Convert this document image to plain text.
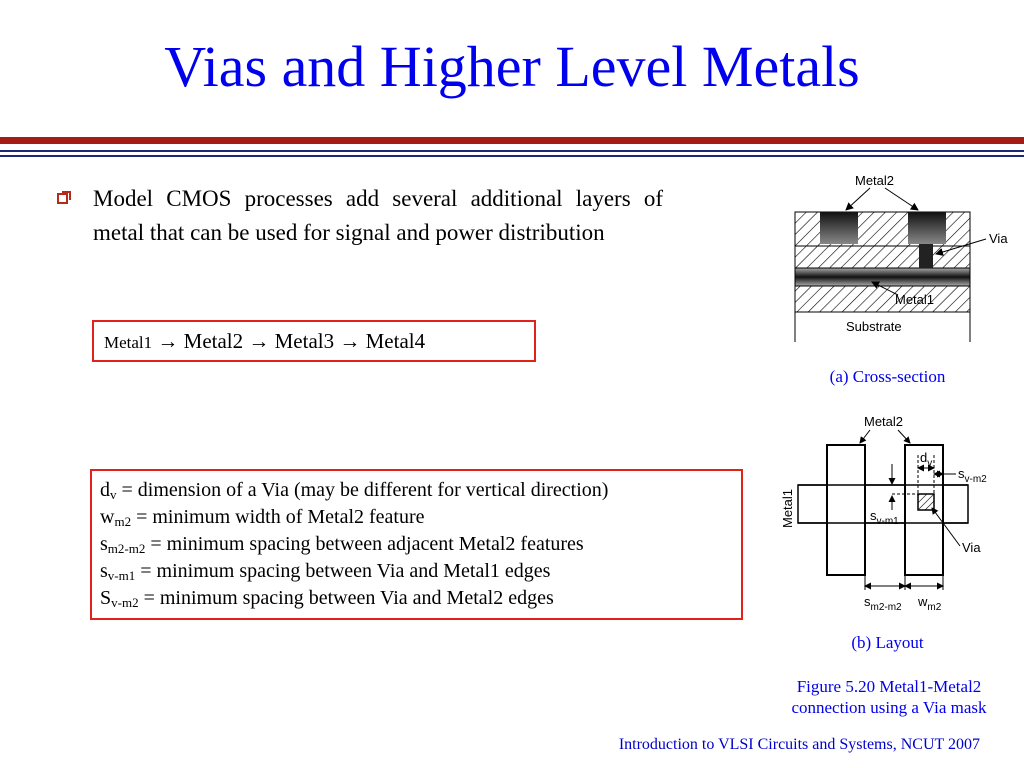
Vias and Higher Level Metals
Model CMOS processes add several additional layers of metal that can be used for signal and power distribution
Metal1 → Metal2 → Metal3 → Metal4
$d_v$ = dimension of a Via (may be different for vertical direction)
$w_{m2}$ = minimum width of Metal2 feature
$s_{m2-m2}$ = minimum spacing between adjacent Metal2 features
$s_{v-m1}$ = minimum spacing between Via and Metal1 edges
$S_{v-m2}$ = minimum spacing between Via and Metal2 edges
Metal2
Via
Metal1
Substrate
(a) Cross-section
Metal2
Metal1
$d_v$
$s_{v-m2}$
$s_{v-m1}$
Via
$s_{m2-m2}$ $w_{m2}$
(b) Layout
Figure 5.20 Metal1-Metal2
connection using a Via mask
Introduction to VLSI Circuits and Systems, NCUT 2007
